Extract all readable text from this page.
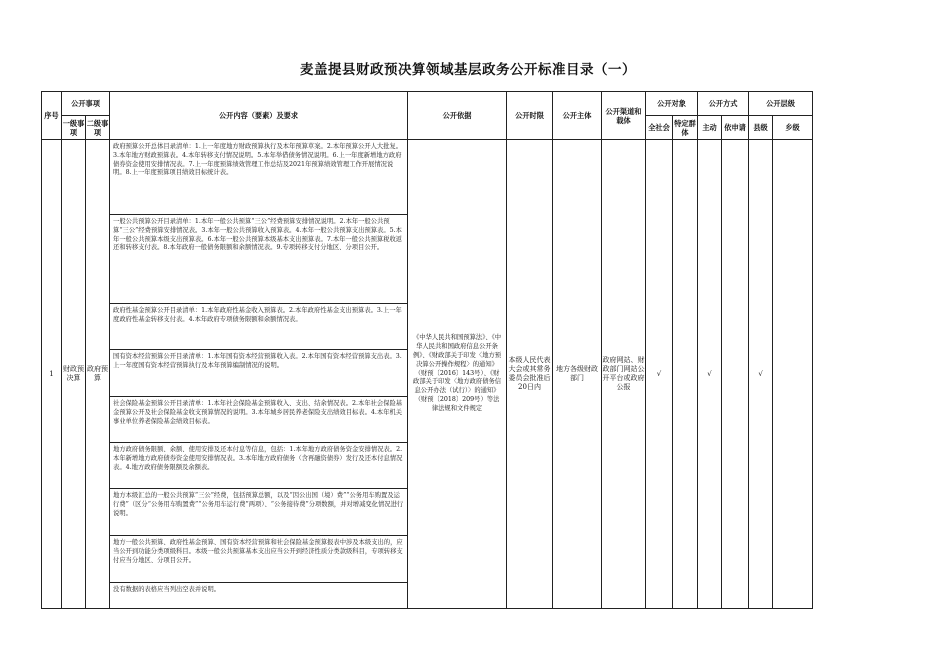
麦盖提县财政预决算领域基层政务公开标准目录（一）
序号	公开事项		公开内容（要素）及要求	公开依据	公开时限	公开主体	公开渠道和载体	公开对象		公开方式		公开层级	
	一级事项	二级事项						全社会	特定群体	主动	依申请	县级	乡级
1	财政预决算	政府预算	政府预算公开总体目录清单：1.上一年度地方财政预算执行及本年预算草案。2.本年预算公开人大批复。3.本年地方财政预算表。4.本年转移支付情况说明。5.本年举借债务情况说明。6.上一年度新增地方政府债券资金使用安排情况表。7.上一年度预算绩效管理工作总结及2021年预算绩效管理工作开展情况说明。8.上一年度预算项目绩效目标统计表。	《中华人民共和国预算法》、《中华人民共和国政府信息公开条例》、《财政部关于印发〈地方预决算公开操作规程〉的通知》（财预〔2016〕143号）、《财政部关于印发〈地方政府债务信息公开办法（试行）〉的通知》（财预〔2018〕209号）等法律法规和文件规定	本级人民代表大会或其常务委员会批准后20日内	地方各级财政部门	政府网站、财政部门网站公开平台或政府公报	√		√		√	
			一般公共预算公开目录清单：1.本年一般公共预算“三公”经费预算安排情况说明。2.本年一般公共预算“三公”经费预算安排情况表。3.本年一般公共预算收入预算表。4.本年一般公共预算支出预算表。5.本年一般公共预算本级支出预算表。6.本年一般公共预算本级基本支出预算表。7.本年一般公共预算税收返还和转移支付表。8.本年政府一般债务限额和余额情况表。9.专项转移支付分地区、分项目公开。										
			政府性基金预算公开目录清单：1.本年政府性基金收入预算表。2.本年政府性基金支出预算表。3.上一年度政府性基金转移支付表。4.本年政府专项债务限额和余额情况表。										
			国有资本经营预算公开目录清单：1.本年国有资本经营预算收入表。2.本年国有资本经营预算支出表。3.上一年度国有资本经营预算执行及本年预算编制情况的说明。										
			社会保险基金预算公开目录清单：1.本年社会保险基金预算收入、支出、结余情况表。2.本年社会保险基金预算公开及社会保险基金收支预算情况的说明。3.本年城乡居民养老保险支出绩效目标表。4.本年机关事业单位养老保险基金绩效目标表。										
			地方政府债务限额、余额、使用安排及还本付息等信息，包括：1.本年地方政府债务资金安排情况表。2.本年新增地方政府债券资金使用安排情况表。3.本年地方政府债务（含再融资债券）发行及还本付息情况表。4.地方政府债务限额及余额表。										
			地方本级汇总的一般公共预算“三公”经费，包括预算总额，以及“因公出国（境）费”“公务用车购置及运行费”（区分“公务用车购置费”“公务用车运行费”两项）、“公务接待费”分项数额，并对增减变化情况进行说明。										
			地方一般公共预算、政府性基金预算、国有资本经营预算和社会保险基金预算报表中涉及本级支出的，应当公开到功能分类项级科目。本级一般公共预算基本支出应当公开到经济性质分类款级科目，专项转移支付应当分地区、分项目公开。										
			没有数据的表格应当列出空表并说明。										
